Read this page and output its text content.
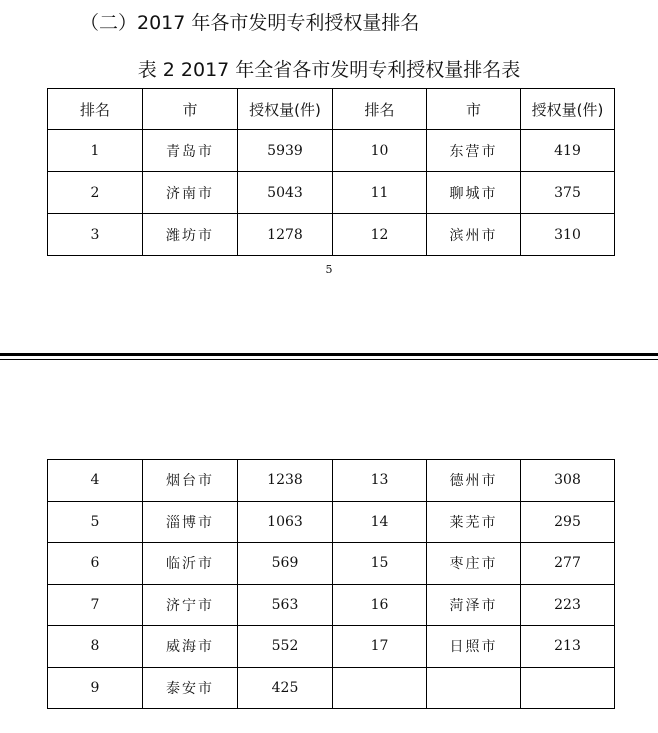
（二）2017 年各市发明专利授权量排名
表 2 2017 年全省各市发明专利授权量排名表
排名	市	授权量(件)	排名	市	授权量(件)
1	青岛市	5939	10	东营市	419
2	济南市	5043	11	聊城市	375
3	潍坊市	1278	12	滨州市	310
5
4	烟台市	1238	13	德州市	308
5	淄博市	1063	14	莱芜市	295
6	临沂市	569	15	枣庄市	277
7	济宁市	563	16	菏泽市	223
8	威海市	552	17	日照市	213
9	泰安市	425			
